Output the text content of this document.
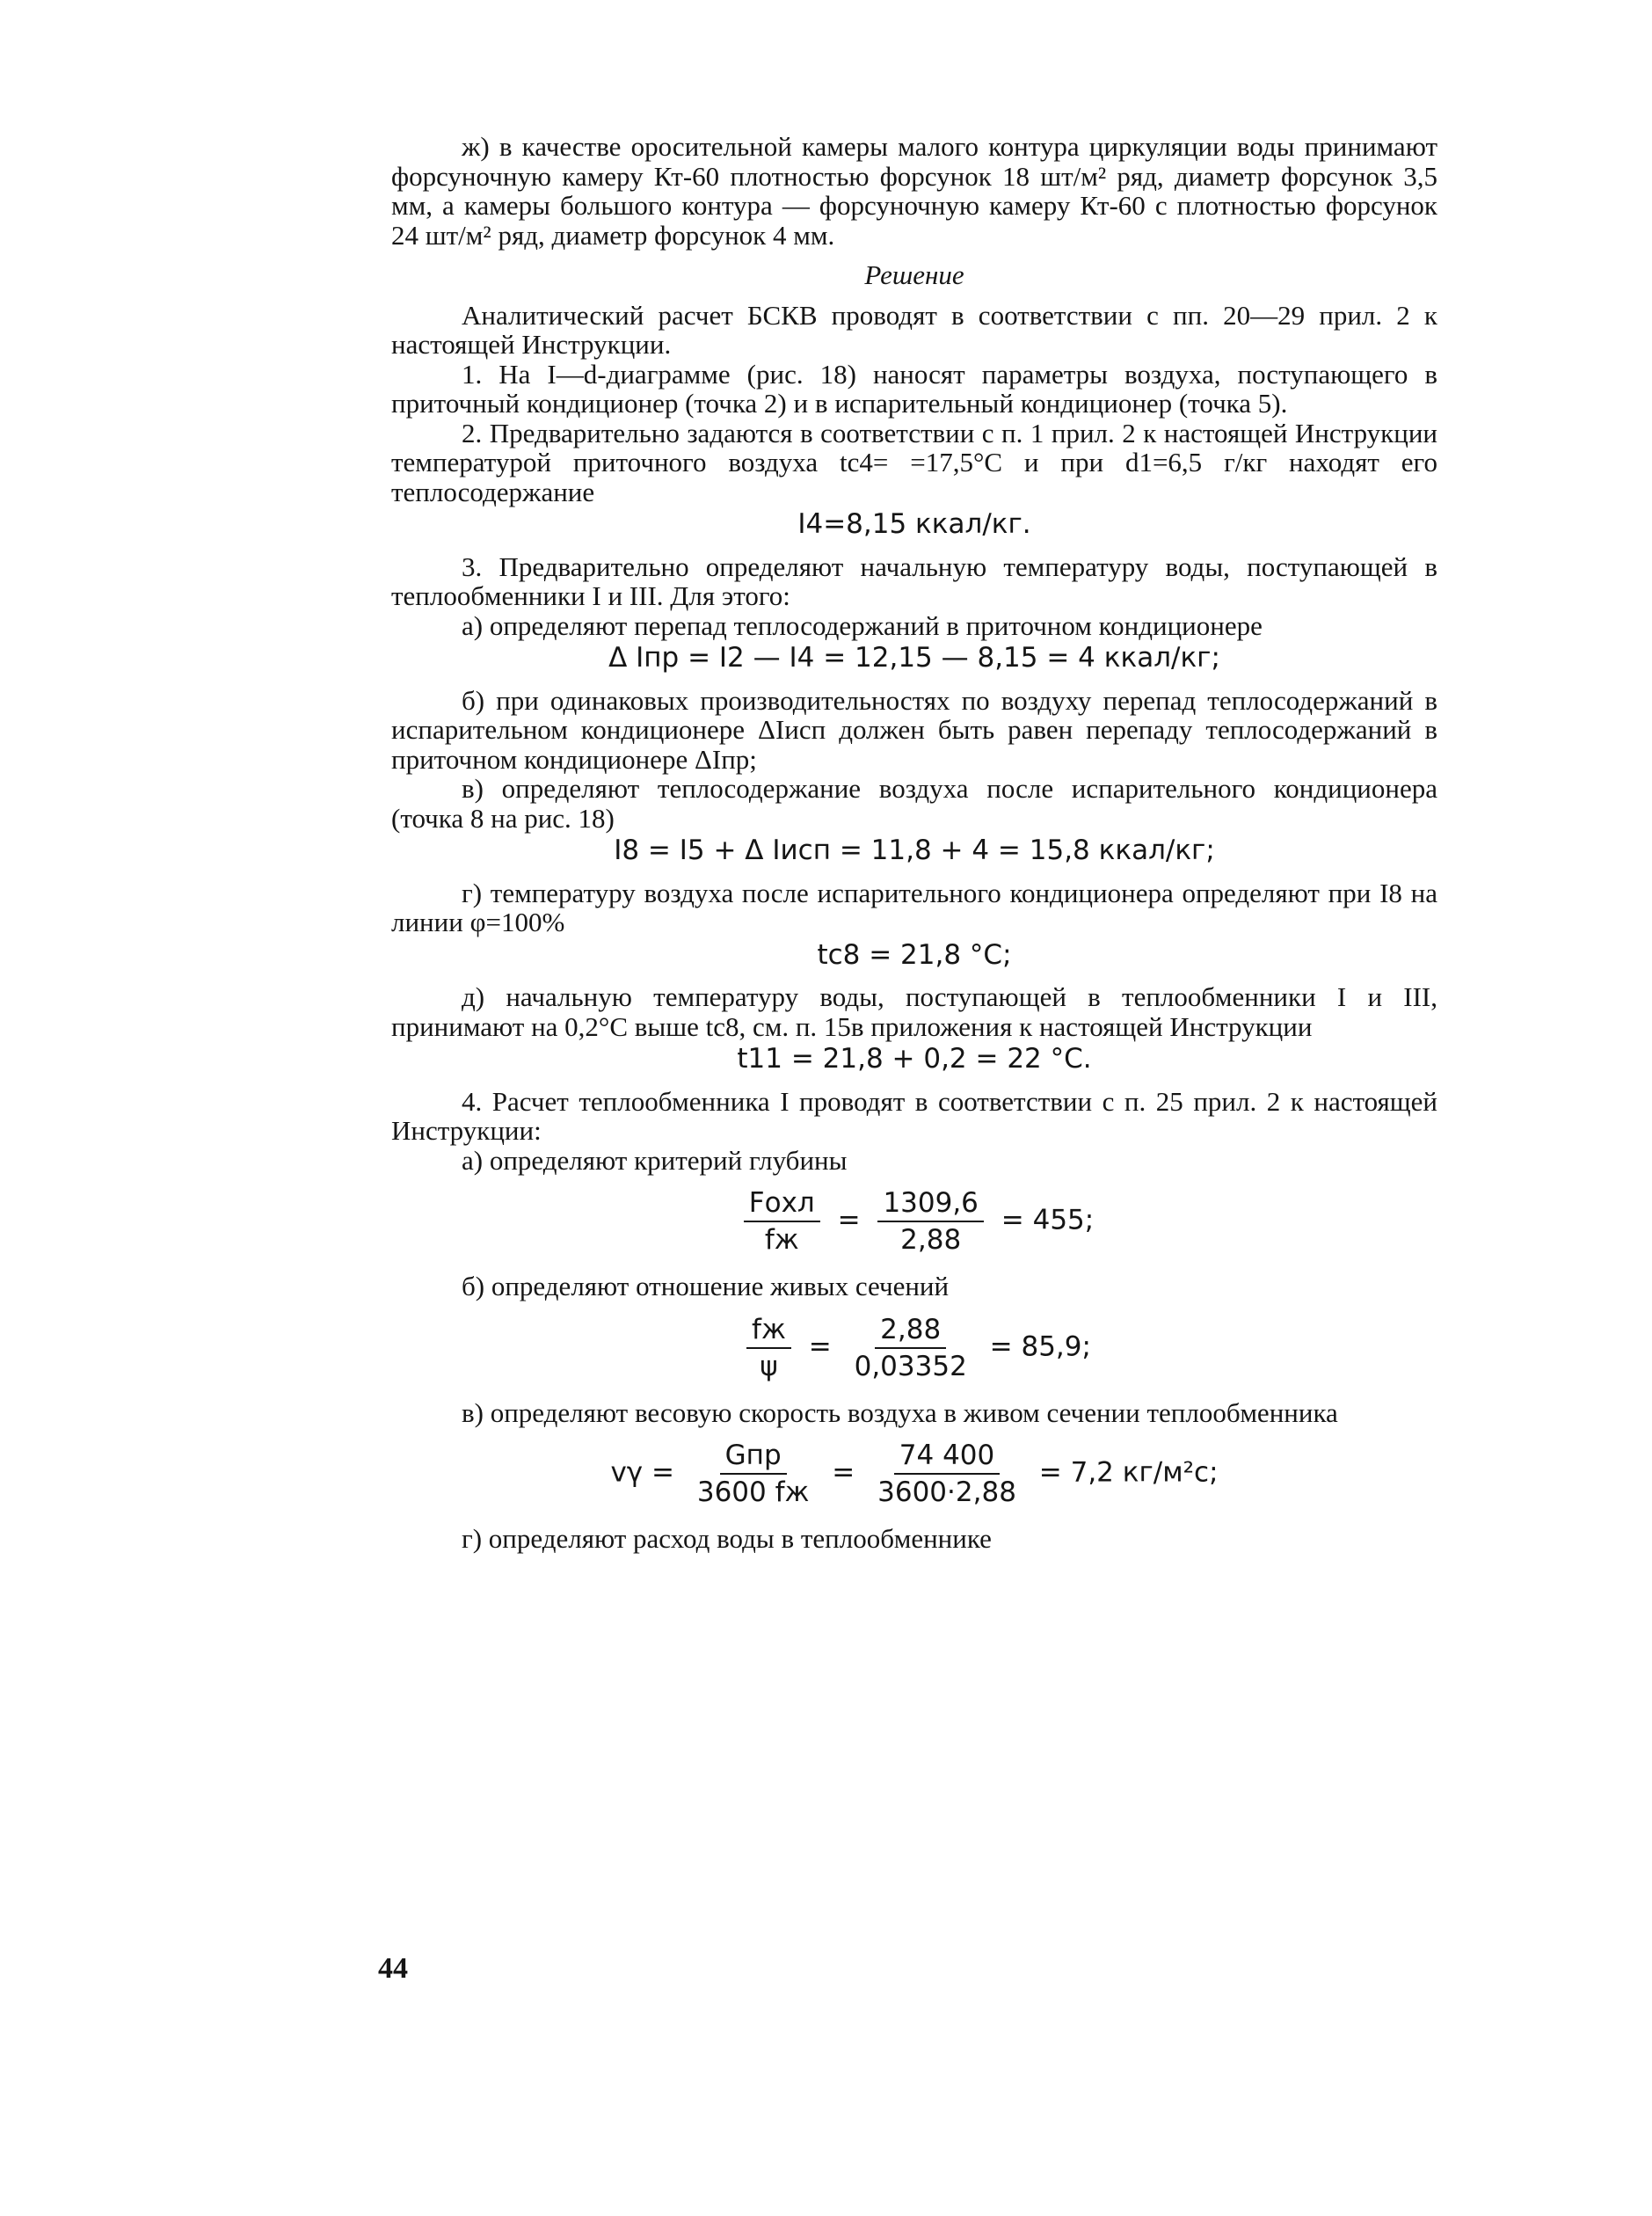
ж) в качестве оросительной камеры малого контура циркуляции воды принимают форсуночную камеру Кт-60 плотностью форсунок 18 шт/м² ряд, диаметр форсунок 3,5 мм, а камеры большого контура — форсуночную камеру Кт-60 с плотностью форсунок 24 шт/м² ряд, диаметр форсунок 4 мм.

Решение

Аналитический расчет БСКВ проводят в соответствии с пп. 20—29 прил. 2 к настоящей Инструкции.

1. На I—d-диаграмме (рис. 18) наносят параметры воздуха, поступающего в приточный кондиционер (точка 2) и в испарительный кондиционер (точка 5).

2. Предварительно задаются в соответствии с п. 1 прил. 2 к настоящей Инструкции температурой приточного воздуха tс4= =17,5°С и при d1=6,5 г/кг находят его теплосодержание

I4=8,15 ккал/кг.

3. Предварительно определяют начальную температуру воды, поступающей в теплообменники I и III. Для этого:

а) определяют перепад теплосодержаний в приточном кондиционере

Δ Iпр = I2 — I4 = 12,15 — 8,15 = 4 ккал/кг;

б) при одинаковых производительностях по воздуху перепад теплосодержаний в испарительном кондиционере ΔIисп должен быть равен перепаду теплосодержаний в приточном кондиционере ΔIпр;

в) определяют теплосодержание воздуха после испарительного кондиционера (точка 8 на рис. 18)

I8 = I5 + Δ Iисп = 11,8 + 4 = 15,8 ккал/кг;

г) температуру воздуха после испарительного кондиционера определяют при I8 на линии φ=100%

tс8 = 21,8 °С;

д) начальную температуру воды, поступающей в теплообменники I и III, принимают на 0,2°С выше tс8, см. п. 15в приложения к настоящей Инструкции

t11 = 21,8 + 0,2 = 22 °С.

4. Расчет теплообменника I проводят в соответствии с п. 25 прил. 2 к настоящей Инструкции:

а) определяют критерий глубины

$\frac{\text{Fохл}}{fж} = \frac{1309,6}{2,88} = 455$;

б) определяют отношение живых сечений

$\frac{fж}{\psi} = \frac{2,88}{0,03352} = 85,9$;

в) определяют весовую скорость воздуха в живом сечении теплообменника

$v\gamma = \frac{\text{Gпр}}{3600 fж} = \frac{74 400}{3600\cdot 2,88} = 7,2$ кг/м²с;

г) определяют расход воды в теплообменнике

44
